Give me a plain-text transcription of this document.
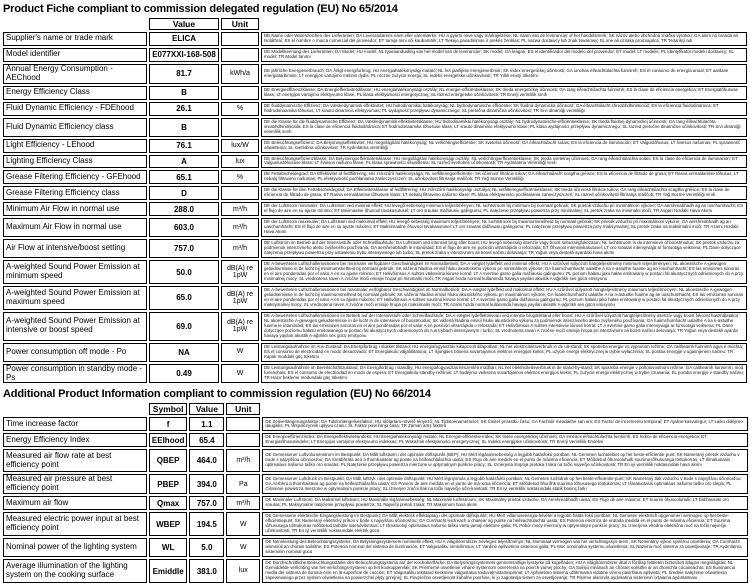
Product Fiche compliant to commission delegated regulation (EU) No 65/2014
	Value	Unit	
Supplier's name or trade mark	ELICA		DE Name oder Warenzeichen des Lieferanten; DA Leverandørens navn eller varemærke; HU a gyártó neve vagy márkajelzése; NL naam van de leverancier of het handelsmerk; SK názov alebo obchodná značka výrobcu; GA ainm nó branda an tsoláthraí; ES el nombre o marca comercial del proveedor; ET tarnija nimi või kaubamärk; LT Tiekėjo pavadinimas ir prekės ženklas; PL nazwa dostawcy lub znak towarowy; SL ime ali oznaka proizvajalca; TR Tedarikçi adı
Model identifier	E077XXI-168-508		DE Modellkennung des Lieferanten; DA Model; HU model; NL typeaanduiding van het model van de leverancier; SK model; GA leagan; ES el identificador del modelo del proveedor; ET mudel; LT modelis; PL identyfikator modelu dostawcy; SL model; TR Model tanımı
Annual Energy Consumption - AEChood	81.7	kWh/a	DE jährliche Energieverbrauch; DA Årligt energiforbrug; HU energiahatékonysági mutató; NL het jaarlijkse energieverbruik; SK index energetickej účinnosti; GA ionchas éifeachtúlachta fuinnimh; ES el consumo de energía anual; ET aastane energiatarbimine; LT energijos vartojimo metinis dydis; PL roczne zużycie energii; SL indeks energetske učinkovitosti; TR Yıllık enerji tüketimi
Energy Efficiency Class	B		DE Energieeffizienzklasse; DA Energieffektivitetsklasse; HU energiahatékonysági osztály; NL energie-efficiëntieklasse; SK trieda energetickej účinnosti; GA rang éifeachtúlachta fuinnimh; ES la clase de eficiencia energética; ET Energiatõhususe klass; LT energijos vartojimo efektyvumo klasė; PL klasa efektywności energetycznej; SL razred energetske učinkovitosti; TR Enerji verimlilik sınıfı
Fluid Dynamic Efficiency - FDEhood	26.1	%	DE fluiddynamische Effizienz; DA Væskedynamisk effektivitet; HU hidrodinamikai hatékonyság; NL hydrodynamische efficiëntie; SK fluidná dynamická účinnosť; GA éifeachtúlacht shreabhdhinimiciúil; ES la eficiencia fluidodinámica; ET hüdrodünaamika tõhusus; LT srauto dinaminis efektyvumas; PL wydajność przepływu dynamicznego; SL pretočna dinamična učinkovitost; TR Sıvı dinamiği verimliliği
Fluid Dynamic Efficiency class	B		DE die Klasse für die fluiddynamische Effizienz; DA Væskedynamisk effektivitetsklasse; HU hidrodinamikai hatékonysági osztály; NL hydrodynamische-efficiëntieklasse; SK trieda fluidnej dynamickej účinnosti; GA rang éifeachtúlachta sreabhdhinimiciúla; ES la clase de eficiencia fluidodinámica; ET hüdrodünaamika tõhususe klass; LT srauto dinaminio efektyvumo klasė; PL klasa wydajności przepływu dynamicznego; SL razred pretočne dinamične učinkovitosti; TR Sıvı dinamiği verimlilik sınıfı
Light Efficiency - LEhood	76.1	lux/W	DE Beleuchtungseffizienz; DA Belysningseffektivitet; HU megvilágítási hatékonyság; NL verlichtingsefficiëntie; SK svetelná účinnosť; GA éifeachtúlacht solais; ES la eficiencia de iluminación; ET Valgustõhusus; LT šviesos našumas; PL sprawność oświetlenia; SL svetlobna učinkovitost; TR Aydınlatma verimliliği
Lighting Efficiency Class	A	lux	DE Beleuchtungseffizienzklasse; DA Belysningseffektivitetsklasse; HU megvilágítási hatékonysági osztály; NL verlichtingsefficiëntieklasse; SK trieda svetelnej účinnosti; GA rang éifeachtúlachta solais; ES la clase de eficiencia de iluminación; ET Valgustustõhususe klass; LT šviesos našumo klasė; PL klasa sprawności oświetlenia; SL razred svetlobne učinkovitosti; TR Aydınlatma Verimliliği sınıfı
Grease Filtering Efficiency - GFEhood	65.1	%	DE Fettabscheidegrad; DA Effektivitet af fedtfiltrering; HU zsírszűrő hatékonysága; NL vetfilteringsefficiëntie; SK účinnosť filtrácie tukov; GA éifeachtúlacht scagtha gréisce; ES la eficiencia de filtrado de grasa; ET Rasva eemaldamise tõhusus; LT riebalų filtravimo našumas; PL efektywność pochłaniania zanieczyszczeń; SL učinkovitost filtriranja maščob; TR Yağ Süzme Verimliliği
Grease Filtering Efficiency class	D		DE die Klasse für den Fettabscheidegrad; DA Effektivitetsklasse af fedtfiltrering; HU zsírszűrő hatékonysági osztálya; NL vetfilteringsefficiëntieklasse; SK trieda účinnosti filtrácie tukov; GA rang éifeachtúlachta scagtha gréisce; ES la clase de eficiencia de filtrado de grasa; ET Rasva eemaldamise tõhususe klass; LT riebalų filtravimo našumo klasė; PL klasa efektywności pochłaniania zanieczyszczeń; SL razred učinkovitosti filtriranja maščob; TR Yağ Süzme Verimliliği sınıfı
Minimum Air Flow in normal use	288.0	m³/h	DE der Luftstrom minimaler; DA Luftstrøm ved minimal effekt; HU levegő sebesség minimum teljesítményen; NL luchtstroom bij minimum bij normaal gebruik; SK prietok vzduchu pri minimálnom výkone; GA aershreabhadh ag an íoschumhacht; ES el flujo de aire en su ajuste mínimo; ET Minimaalne õhuvool tavakasutusel; LT oro srautas mažiausiu galingumu; PL natężenie przepływu powietrza przy minimalnej; SL pretok zraka na minimalni moči; TR Asgari Hızdaki Hava Akımı
Maximum Air Flow in normal use	603.0	m³/h	DE der Luftstrom maximaler; DA Luftstrøm ved maksimal effekt; HU levegő sebesség maximum teljesítményen; NL luchtstroom bij maximumsnelheid bij normaal gebruik; SK prietok vzduchu pri maximálnom výkone; GA aershreabhadh ag an uaschumhacht; ES el flujo de aire en su ajuste máximo; ET Maksimaalne õhuvool tavakasutusel; LT oro srautas didžiausiu galingumu; PL natężenie przepływu powietrza przy maksymalnej; SL pretok zraka na maksimalni moči; TR Azami Hızdaki Hava Akımı
Air Flow at intensive/boost setting	757.0	m³/h	DE Luftstrom im Betrieb auf der Intensivstufe oder Schnelllaufstufe; DA Luftstrøm ved intensivt brug eller boost; HU levegő sebesség intenzív vagy boost sebességfokozaton; NL luchtstroom in de intensieve of boostmodus; SK prietok vzduchu za podmienok intenzívneho alebo zvýšeného používania; GA aershreabhadh le intanúsáid; ES el flujo de aire en posición ultrarrápida o reforzada; ET Õhuvool intensiivkasutusel; LT oro srautas intensyviąja ar forsuotąja veiksena; PL Dane dotyczące natężenia przepływu powietrza przy ustawieniu trybu intensywnego lub turbo; SL pretok zraka v intenzivnem ali boost načinu delovanja; TR Yoğun veya destekli ayardaki hava akımı
A-weighted Sound Power Emission at minimum speed	50.0	dB(A) re 1pW	DE A-bewerteten Luftschallemissionen bei minimaler verfügbarer Geschwindigkeit im Normalbetrieb; DA A-vægtet lydeffekt ved minimal effekt; HU A szűrővel súlyozott hangteljesítmény minimum teljesítményen; NL akoestische A-gewogen geluidsemissie in de lucht bij minimumsnelheid bij normaal gebruik; SK vážená hladina emisií hluku akustického výkonu pri minimálnom výkone; GA fuaimchumhacht ualaithe A na n-astuithe fuaime ag an íoschumhacht; ES las emisiones sonoras en el aire ponderadas por el valor A en su ajuste mínimo; ET Helivõimsus A suhtes väikseima kiiruse korral; LT A svertinė garso galia mažiausiu galingumu; PL poziom hałasu jako hałas emitowany w postaci fal akustycznych odniesionych do A przy minimalnej mocy; SL vrednotena raven A zvočne moči emisije hrupa pri minimalni moči; TR Asgari hızda normal kullanımda havaya yayılan akustik A-ağırlıklı ses gücü emisyonu
A-weighted Sound Power Emission at maximum speed	65.0	dB(A) re 1pW	DE A-bewerteten Luftschallemissionen bei maximaler verfügbarer Geschwindigkeit im Normalbetrieb; DA A-vægtet lydeffekt ved maksimal effekt; HU A szűrővel súlyozott hangteljesítmény maximum teljesítményen; NL akoestische A-gewogen geluidsemissie in de lucht bij maximumsnelheid bij normaal gebruik; SK vážená hladina emisií hluku akustického výkonu pri maximálnom výkone; GA fuaimchumhacht ualaithe A na n-astuithe fuaime ag an uaschumhacht; ES las emisiones sonoras en el aire ponderadas por el valor A en su ajuste máximo; ET Helivõimsus A suhtes suurima kiiruse korral; LT A svertinė garso galia didžiausiu galingumu; PL poziom hałasu jako hałas emitowany w postaci fal akustycznych odniesionych do A przy maksymalnej mocy; SL vrednotena raven A zvočne moči emisije hrupa pri maksimalni moči; TR Azami hızda normal kullanımda havaya yayılan akustik A-ağırlıklı ses gücü emisyonu
A-weighted Sound Power Emission at intensive or boost speed	69.0	dB(A) re 1pW	DE A-bewerteten Luftschallemissionen im Betrieb auf der Intensivstufe oder Schnelllaufstufe; DA A-vægtet lydeffektniveau ved intensiv brugstilstand eller boost; HU A szűrővel súlyozott hangteljesítmény intenzív vagy boost fokozat használatakor; NL akoestische A-gewogen geluidsemissie in de lucht in de intensieve of boostmodus; SK vážená hladina emisií hluku akustického výkonu za podmienok intenzívneho alebo zvýšeného používania; GA fuaimchumhacht ualaithe A na n-astuithe fuaime le intanúsáid; ES las emisiones sonoras en el aire ponderadas por el valor A en posición ultrarrápida o reforzada; ET Helivõimsus A suhtes intensiivse kiiruse korral; LT A svertinė garso galia intensyviąja ar forsuotąja veiksena; PL Dane dotyczące poziomu hałasu emitowanego w postaci fal akustycznych odniesionych do A w trybach intensywnym i turbo; SL vrednotena raven A zvočne moči emisije hrupa pri intenzivnem ali boost načinu delovanja; TR Yoğun veya destekli ayarda havaya yayılan akustik A-ağırlıklı ses gücü emisyonu
Power consumption off mode - Po	NA	W	DE Leistungsaufnahme im Aus-Zustand; DA Energiforbrug i slukket tilstand; HU energiafogyasztás kikapcsolt állapotban; NL het elektriciteitsverbruik in de uit-stand; SK spotreba energie vo vypnutom režime; GA caitheamh fuinnimh agus é múchta; ES el consumo de electricidad en modo desactivado; ET Energiakulu väljalülitatuna; LT išjungties būsena suvartojamos elektros energijos kiekis; PL użycie energii elektrycznej w trybie wyłączenia; SL poraba energije v ugasnjenem načinu; TR Kapalı moddaki güç tüketimi
Power consumption in standby mode - Ps	0.49	W	DE Leistungsaufnahme im Bereitschaftszustand; DA Energiforbrug i standby; HU energiafogyasztás készenléti módban; NL het elektriciteitsverbruik in de stand-by-stand; SK spotreba energie v pohotovostnom režime; GA caitheamh fuinnimh i mod fuireachais; ES el consumo de electricidad en modo de espera; ET Energiakulu standby-režiimis; LT budėjimo veiksena suvartojamos elektros energijos kiekis; PL zużycie energii elektrycznej w trybie czuwania; SL poraba energije v standby načinu; TR Hazır bekleme modundaki güç tüketimi
Additional Product Information compliant to commission regulation (EU) No 66/2014
	Symbol	Value	Unit	
Time increase factor	f	1.1		DE Zeitverlängerungsfaktor; DA Tidsforlængelsesfaktor; HU Időtartam-növelő tényező; NL Tijdstoenamefactor; SK Činiteľ prírastku času; GA Fachtóir méadaithe san am; ES Factor de incremento temporal; ET Ajaline kasvutegur; LT Laiko didėjimo daugiklis; PL Współczynnik upływu czasu; SL Faktor povečanja časa; TR Zaman artış faktörü
Energy Efficiency Index	EEIhood	65.4		DE Energieeffizienzindex; DA Energieffektivitetsindeks; HU Energiahatékonysági mutató; NL Energie-efficiëntie-index; SK Index energetickej účinnosti; GA Innéacs éifeachtúlachta fuinnimh; ES Índice de eficiencia energética; ET Energiatõhususindeks; LT Energijos vartojimo efektyvumo indeksas; PL Wskaźnik efektywności energetycznej; SL Indeks energijske učinkovitosti; TR Enerji Verimlilik Endeksi
Measured air flow rate at best efficiency point	QBEP	464.0	m³/h	DE Gemessener Luftvolumenstrom im Bestpunkt; DA Målt luftstrøm i det optimale driftspunkt (BEP); HU Mért légáramsebesség a legjobb hatásfokú pontban; NL Gemeten luchtdebiet op het beste-efficiëntie-punt; SK Nameraný prietok vzduchu v bode s najvyššou účinnosťou; GA Sreabhráta aeir a thomhaistear ag pointe na héifeachtúlachta uasta; ES Flujo de aire medido en el punto de máxima eficiencia; ET Mõõdetud õhuvooluhulk suurima tõhususega töötukorras; LT Išmatuotasis optimalaus našumo taško oro srautas; PL Natężenie przepływu powietrza mierzone w optymalnym punkcie pracy; SL Izmerjena stopnja pretoka zraka na točki največje učinkovitosti; TR En iyi verimlilik noktasındaki hava akımı
Measured air pressure at best efficiency point	PBEP	394.0	Pa	DE Gemessener Luftdruck im Bestpunkt; DA Målt lufttryk i det optimale driftspunkt; HU Mért légnyomás a legjobb hatásfokú pontban; NL Gemeten luchtdruk op het beste-efficiëntie-punt; SK Nameraný tlak vzduchu v bode s najvyššou účinnosťou; GA Aerbhrú a thomhaistear ag pointe na héifeachtúlachta uasta; ES Presión de aire medida en el punto de má-xima eficiencia; ET Mõõdetud õhurõhk suurima tõhususega töötukorras; LT Išmatuotasis optimalaus našumo taško oro slėgis; PL Ciśnienie powietrza mierzone w optymalnym punkcie pracy; SL Izmerjen zračni tlak na točki največje učin-kovitosti; TR En iyi verimlilik noktasındaki statik basınç farkı
Maximum air flow	Qmax	757.0	m³/h	DE Maximaler Luftstrom; DA Maksimal luftstrøm; HU Maximális légáramsebesség; NL Maximale luchtstroom; SK Maximálny prietok vzduchu; GA Aershreabhadh uasta; ES Flujo de aire máximo; ET Suurim õhuvooluhulk; LT Didžiausias oro srautas; PL Maksymalne natężenie przepływu powietrza; SL Največji pretok zraka; TR Maksimum hava akımı
Measured electric power input at best efficiency point	WBEP	194.5	W	DE Gemessene elektrische Eingangsleistung im Bestpunkt; DA Målt elektrisk effektoptag i det optimale driftspunkt; HU Mért villamosenergia-felvétel a legjobb hatás-fokú pontban; NL Gemeten elektrisch opgenomen vermogen op het beste-efficiëntiepunt; SK Nameraný elektrický príkon v bode s najvyššou účinnosťou; GA Cumhacht leictreach a chaitear ag pointe na héifeachtúlachta uasta; ES Potencia eléctrica de entrada medida en el punto de máxima eficiencia; ET Suurima tõhususega töötukorras mõõdetud tarbitav sisendvõimsus; LT Išmatuotoji optimalaus našumo taško varto-jamoji elektrinė galia; PL Pobór mocy mierzony w optymalnym punkcie pracy; SL Izmerjena vhodna električna moč na točki največje učinkovitosti; TR En iyi verimlilik noktasındaki elektrik gücü
Nominal power of the lighting system	WL	5.0	W	DE Nennleistung des Beleuchtungssystems; DA Belysningssystemets nominelle effekt; HU A világítórendszer névleges teljesítménye; NL Nominaal vermogen van het verlichtingssys-teem; SK Nominálny výkon systému osvetlenia; GA Cumhacht ainmniúil an chórais soilsithe; ES Potencia nominal del sistema de iluminación; ET Valgusaliku nimivõimsus; LT Vardinė apšvietimo sistemos galia; PL Moc nominalna systemu oświetlenia; SL Nazivna moč sistema za osvetljevanje; TR Aydınlatma sisteminin nominal gücü
Average illumination of the lighting system on the cooking surface	Emiddle	381.0	lux	DE Durchschnittliche Beleuchtungsstärke des Beleuchtungssystems auf der Kochoberfläche; DA Belysningssystemets gennemsnitlige lysstyrke på kogefladen; HU A világítórendszer által a főzőlap felületén biztosított átlagos megvilágítás; NL Gemiddelde verlichting van het verlichtings-systeem op het kookoppervlak; SK Priemerné osvetlenie vrhané systémom osvet-lenia na povrch varnej plochy; GA Soilsiú meánach an chórais soilsithe ar an dromchla cócaireachta; ES Iluminancia media del sistema de ilumina-ción en la superficie de cocción; ET Valgusaliku tekitatud keskmine valgustatus toiduvalmistamispinnal; LT Apšvietimo sistema užtikrinama vidutinė virimo paviršiaus apšvieta; PL Średnie natężenie oświetlenia zapewnianego przez system oświetlenia na powierzchni płyty grzejnej; SL Povprečna osvetljenost kuhalne površine, ki jo zagotavlja sistem za osvetljevanje; TR Pişirme alanında aydınlatma sisteminin ortalama aydınlatması
